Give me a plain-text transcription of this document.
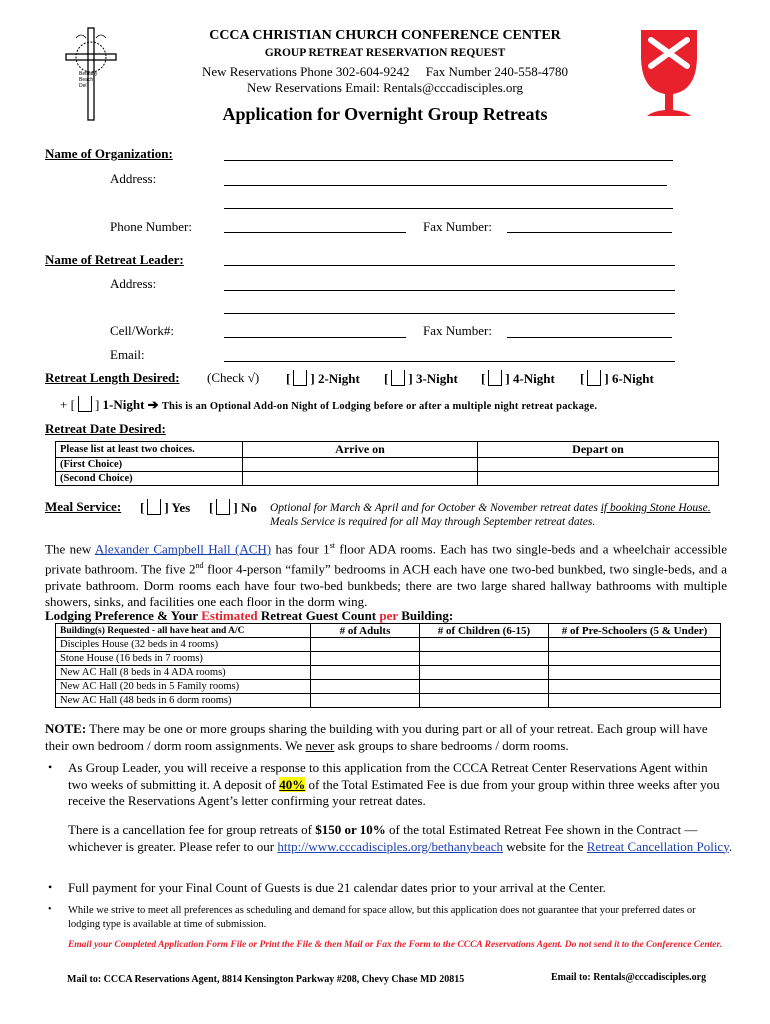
Bethany Beach, Del
CCCA CHRISTIAN CHURCH CONFERENCE CENTER
GROUP RETREAT RESERVATION REQUEST
New Reservations Phone 302-604-9242 Fax Number 240-558-4780
New Reservations Email: Rentals@cccadisciples.org
Application for Overnight Group Retreats
Name of Organization:
Address:
Phone Number:	Fax Number:
Name of Retreat Leader:
Address:
Cell/Work#:	Fax Number:
Email:
Retreat Length Desired: (Check √) [ ] 2-Night [ ] 3-Night [ ] 4-Night [ ] 6-Night
+ [ ] 1-Night ➔ This is an Optional Add-on Night of Lodging before or after a multiple night retreat package.
Retreat Date Desired:
Please list at least two choices.	Arrive on	Depart on
(First Choice)		
(Second Choice)		
Meal Service: [ ] Yes [ ] No Optional for March & April and for October & November retreat dates if booking Stone House. Meals Service is required for all May through September retreat dates.
The new Alexander Campbell Hall (ACH) has four 1st floor ADA rooms. Each has two single-beds and a wheelchair accessible private bathroom. The five 2nd floor 4-person “family” bedrooms in ACH each have one two-bed bunkbed, two single-beds, and a private bathroom. Dorm rooms each have four two-bed bunkbeds; there are two large shared hallway bathrooms with multiple showers, sinks, and facilities one each floor in the dorm wing.
Lodging Preference & Your Estimated Retreat Guest Count per Building:
Building(s) Requested - all have heat and A/C	# of Adults	# of Children (6-15)	# of Pre-Schoolers (5 & Under)
Disciples House (32 beds in 4 rooms)			
Stone House (16 beds in 7 rooms)			
New AC Hall (8 beds in 4 ADA rooms)			
New AC Hall (20 beds in 5 Family rooms)			
New AC Hall (48 beds in 6 dorm rooms)			
NOTE: There may be one or more groups sharing the building with you during part or all of your retreat. Each group will have their own bedroom / dorm room assignments. We never ask groups to share bedrooms / dorm rooms.
• As Group Leader, you will receive a response to this application from the CCCA Retreat Center Reservations Agent within two weeks of submitting it. A deposit of 40% of the Total Estimated Fee is due from your group within three weeks after you receive the Reservations Agent’s letter confirming your retreat dates.
There is a cancellation fee for group retreats of $150 or 10% of the total Estimated Retreat Fee shown in the Contract — whichever is greater. Please refer to our http://www.cccadisciples.org/bethanybeach website for the Retreat Cancellation Policy.
• Full payment for your Final Count of Guests is due 21 calendar dates prior to your arrival at the Center.
• While we strive to meet all preferences as scheduling and demand for space allow, but this application does not guarantee that your preferred dates or lodging type is available at time of submission.
Email your Completed Application Form File or Print the File & then Mail or Fax the Form to the CCCA Reservations Agent. Do not send it to the Conference Center.
Mail to: CCCA Reservations Agent, 8814 Kensington Parkway #208, Chevy Chase MD 20815	Email to: Rentals@cccadisciples.org
